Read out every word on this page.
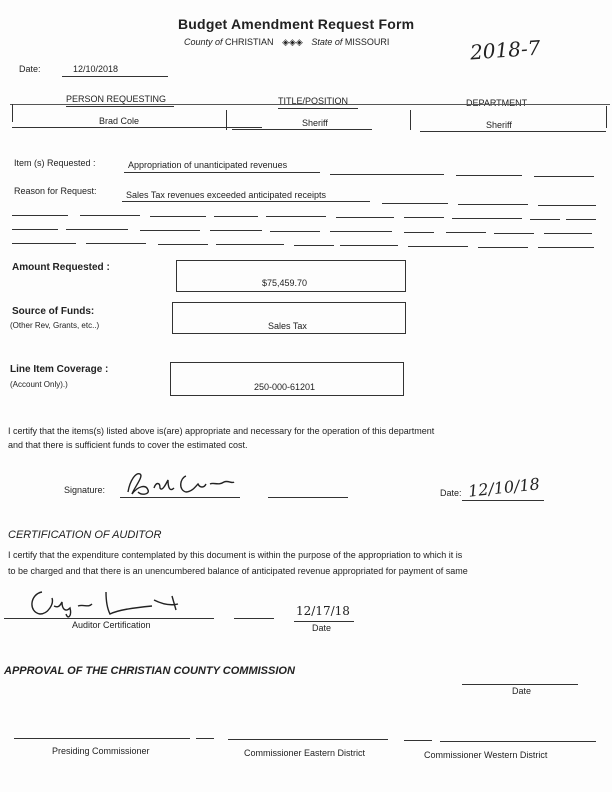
Budget Amendment Request Form
County of CHRISTIAN ◈◈◈ State of MISSOURI	2018-7
Date:	12/10/2018
PERSON REQUESTING	TITLE/POSITION	DEPARTMENT
Brad Cole	Sheriff	Sheriff
Item (s) Requested :	Appropriation of unanticipated revenues
Reason for Request:	Sales Tax revenues exceeded anticipated receipts
Amount Requested :
$75,459.70
Source of Funds:
(Other Rev, Grants, etc..)	Sales Tax
Line Item Coverage :
(Account Only).)	250-000-61201
I certify that the items(s) listed above is(are) appropriate and necessary for the operation of this department
and that there is sufficient funds to cover the estimated cost.
Signature:	Date: 12/10/18
CERTIFICATION OF AUDITOR
I certify that the expenditure contemplated by this document is within the purpose of the appropriation to which it is
to be charged and that there is an unencumbered balance of anticipated revenue appropriated for payment of same
Auditor Certification
12/17/18
Date
APPROVAL OF THE CHRISTIAN COUNTY COMMISSION
Date
Presiding Commissioner	Commissioner Eastern District	Commissioner Western District
